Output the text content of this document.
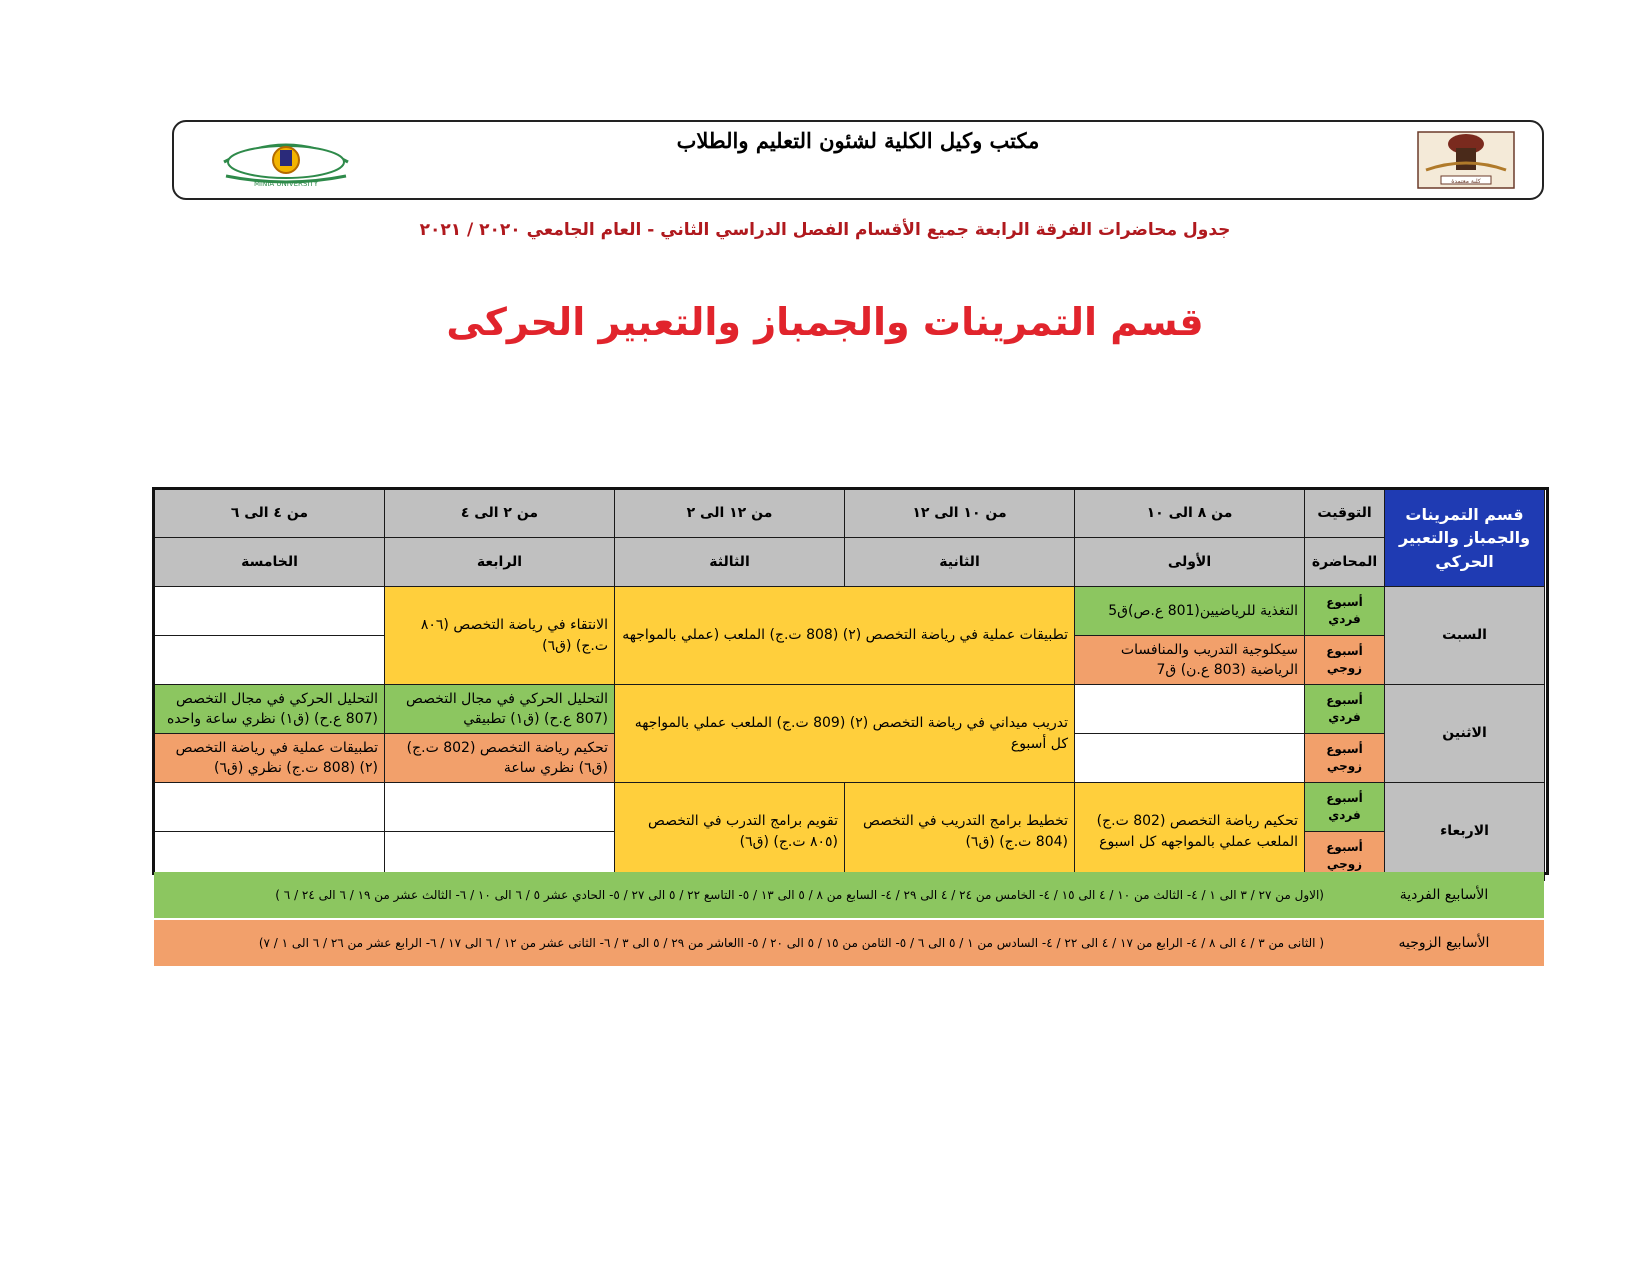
مكتب وكيل الكلية لشئون التعليم والطلاب
كلية معتمدة
MINIA UNIVERSITY
جدول محاضرات الفرقة الرابعة جميع الأقسام الفصل الدراسي الثاني - العام الجامعي ٢٠٢٠ / ٢٠٢١
قسم التمرينات والجمباز والتعبير الحركى
قسم التمرينات والجمباز والتعبير الحركي	التوقيت	من ٨ الى ١٠	من ١٠ الى ١٢	من ١٢ الى ٢	من ٢ الى ٤	من ٤ الى ٦
	المحاضرة	الأولى	الثانية	الثالثة	الرابعة	الخامسة
السبت	أسبوع فردي	التغذية للرياضيين(801 ع.ص)ق5	تطبيقات عملية في رياضة التخصص (٢) (808 ت.ج) الملعب (عملي بالمواجهه		الانتقاء في رياضة التخصص (٨٠٦ ت.ج) (ق٦)	
	أسبوع زوجي	سيكلوجية التدريب والمنافسات الرياضية (803 ع.ن) ق7				
الاثنين	أسبوع فردي		تدريب ميداني في رياضة التخصص (٢) (809 ت.ج) الملعب عملي بالمواجهه كل أسبوع		التحليل الحركي في مجال التخصص (807 ع.ح) (ق١) تطبيقي	التحليل الحركي في مجال التخصص (807 ع.ح) (ق١) نظري ساعة واحده
	أسبوع زوجي				تحكيم رياضة التخصص (802 ت.ج) (ق٦) نظري ساعة	تطبيقات عملية في رياضة التخصص (٢) (808 ت.ج) نظري (ق٦)
الاربعاء	أسبوع فردي	تحكيم رياضة التخصص (802 ت.ج) الملعب عملي بالمواجهه كل اسبوع	تخطيط برامج التدريب في التخصص (804 ت.ج) (ق٦)	تقويم برامج التدرب في التخصص (٨٠٥ ت.ج) (ق٦)		
	أسبوع زوجي					
الأسابيع الفردية
(الاول من ٢٧ / ٣ الى ١ / ٤- الثالث من ١٠ / ٤ الى ١٥ / ٤- الخامس من ٢٤ / ٤ الى ٢٩ / ٤- السابع من ٨ / ٥ الى ١٣ / ٥- التاسع ٢٢ / ٥ الى ٢٧ / ٥- الحادي عشر ٥ / ٦ الى ١٠ / ٦- الثالث عشر من ١٩ / ٦ الى ٢٤ / ٦ )
الأسابيع الزوجيه
( الثانى من ٣ / ٤ الى ٨ / ٤- الرابع من ١٧ / ٤ الى ٢٢ / ٤- السادس من ١ / ٥ الى ٦ / ٥- الثامن من ١٥ / ٥ الى ٢٠ / ٥- االعاشر من ٢٩ / ٥ الى ٣ / ٦- الثانى عشر من ١٢ / ٦ الى ١٧ / ٦- الرابع عشر من ٢٦ / ٦ الى ١ / ٧)
